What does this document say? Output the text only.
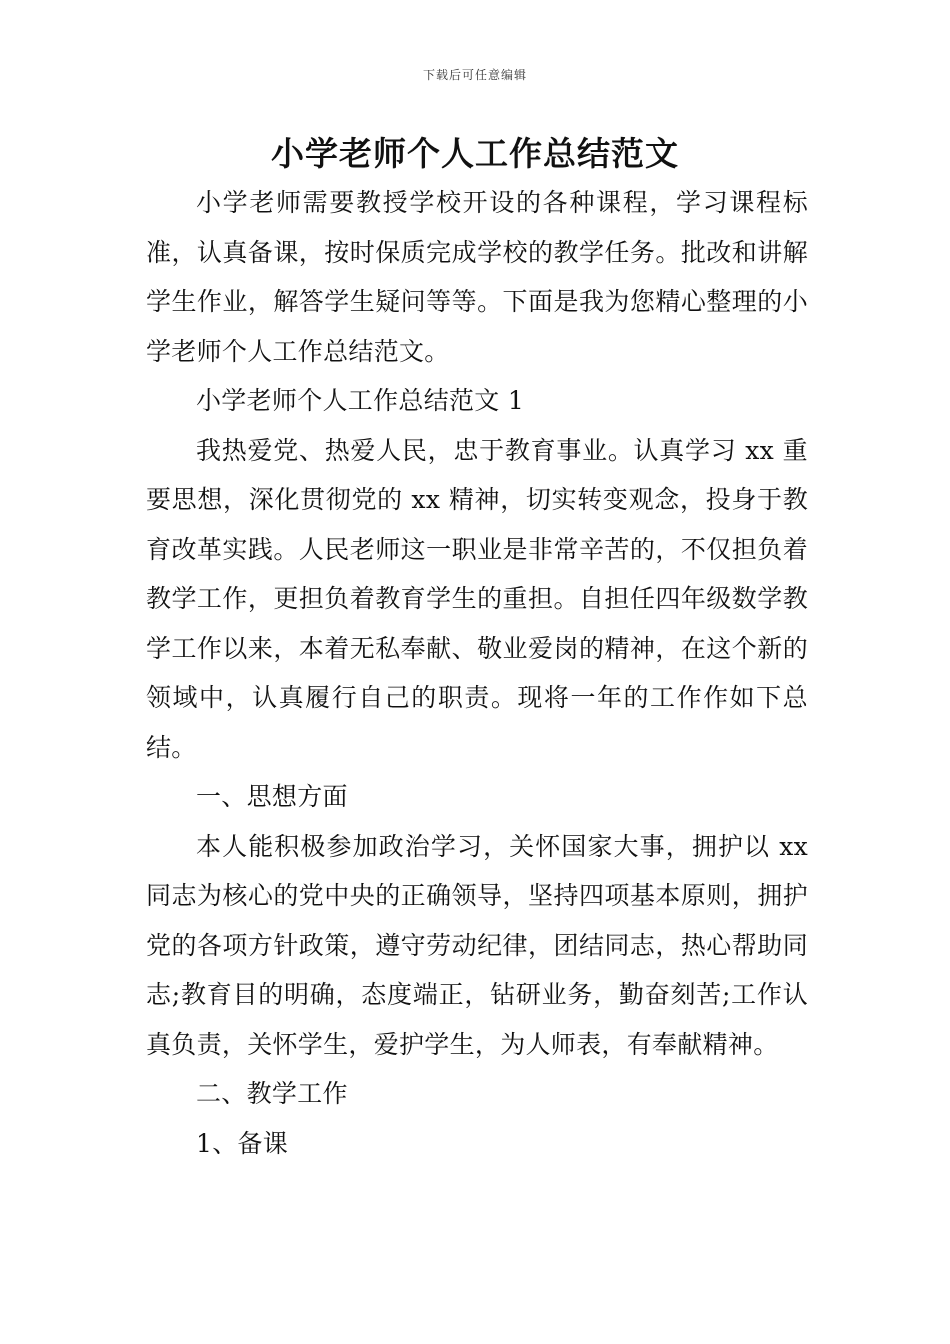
下载后可任意编辑
小学老师个人工作总结范文

小学老师需要教授学校开设的各种课程，学习课程标准，认真备课，按时保质完成学校的教学任务。批改和讲解学生作业，解答学生疑问等等。下面是我为您精心整理的小学老师个人工作总结范文。

小学老师个人工作总结范文 1

我热爱党、热爱人民，忠于教育事业。认真学习 xx 重要思想，深化贯彻党的 xx 精神，切实转变观念，投身于教育改革实践。人民老师这一职业是非常辛苦的，不仅担负着教学工作，更担负着教育学生的重担。自担任四年级数学教学工作以来，本着无私奉献、敬业爱岗的精神，在这个新的领域中，认真履行自己的职责。现将一年的工作作如下总结。

一、思想方面

本人能积极参加政治学习，关怀国家大事，拥护以 xx 同志为核心的党中央的正确领导，坚持四项基本原则，拥护党的各项方针政策，遵守劳动纪律，团结同志，热心帮助同志;教育目的明确，态度端正，钻研业务，勤奋刻苦;工作认真负责，关怀学生，爱护学生，为人师表，有奉献精神。

二、教学工作

1、备课
